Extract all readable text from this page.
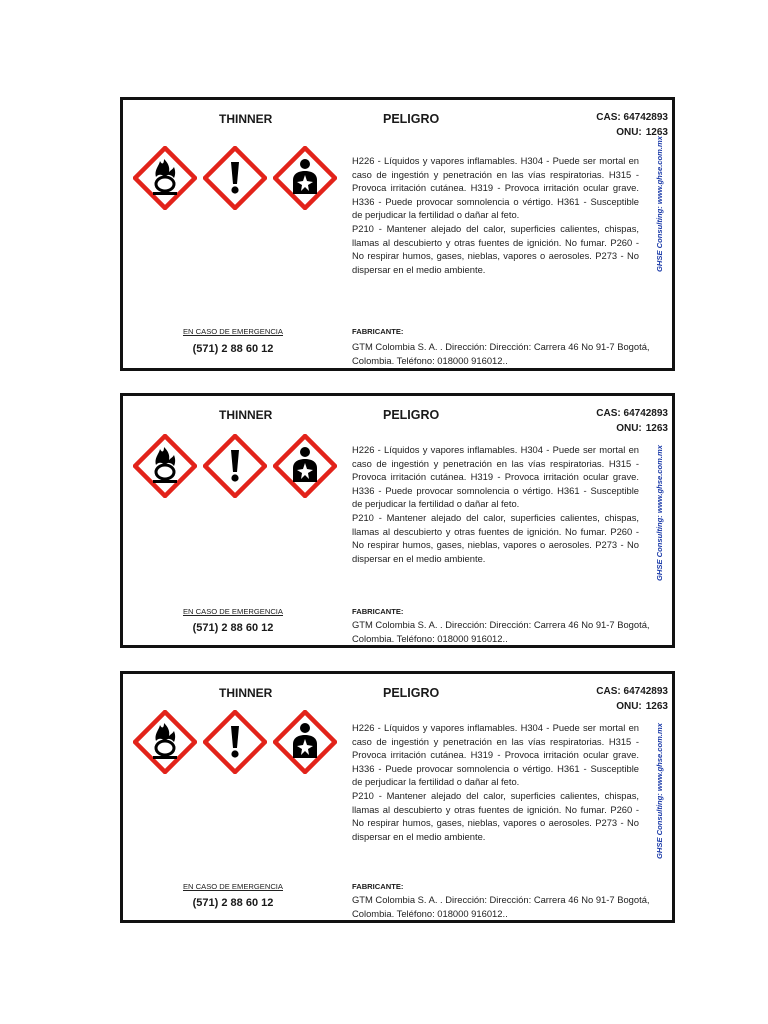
THINNER	PELIGRO	CAS: 64742893
ONU: 1263

H226 - Líquidos y vapores inflamables. H304 - Puede ser mortal en caso de ingestión y penetración en las vías respiratorias. H315 - Provoca irritación cutánea. H319 - Provoca irritación ocular grave. H336 - Puede provocar somnolencia o vértigo. H361 - Susceptible de perjudicar la fertilidad o dañar al feto.

P210 - Mantener alejado del calor, superficies calientes, chispas, llamas al descubierto y otras fuentes de ignición. No fumar. P260 - No respirar humos, gases, nieblas, vapores o aerosoles. P273 - No dispersar en el medio ambiente.	GHSE Consulting: www.ghse.com.mx
EN CASO DE EMERGENCIA
(571) 2 88 60 12
FABRICANTE:
GTM Colombia S. A. . Dirección: Dirección: Carrera 46 No 91-7 Bogotá, Colombia. Teléfono: 018000 916012..
THINNER	PELIGRO	CAS: 64742893
ONU: 1263

H226 - Líquidos y vapores inflamables. H304 - Puede ser mortal en caso de ingestión y penetración en las vías respiratorias. H315 - Provoca irritación cutánea. H319 - Provoca irritación ocular grave. H336 - Puede provocar somnolencia o vértigo. H361 - Susceptible de perjudicar la fertilidad o dañar al feto.

P210 - Mantener alejado del calor, superficies calientes, chispas, llamas al descubierto y otras fuentes de ignición. No fumar. P260 - No respirar humos, gases, nieblas, vapores o aerosoles. P273 - No dispersar en el medio ambiente.	GHSE Consulting: www.ghse.com.mx
EN CASO DE EMERGENCIA
(571) 2 88 60 12
FABRICANTE:
GTM Colombia S. A. . Dirección: Dirección: Carrera 46 No 91-7 Bogotá, Colombia. Teléfono: 018000 916012..
THINNER	PELIGRO	CAS: 64742893
ONU: 1263

H226 - Líquidos y vapores inflamables. H304 - Puede ser mortal en caso de ingestión y penetración en las vías respiratorias. H315 - Provoca irritación cutánea. H319 - Provoca irritación ocular grave. H336 - Puede provocar somnolencia o vértigo. H361 - Susceptible de perjudicar la fertilidad o dañar al feto.

P210 - Mantener alejado del calor, superficies calientes, chispas, llamas al descubierto y otras fuentes de ignición. No fumar. P260 - No respirar humos, gases, nieblas, vapores o aerosoles. P273 - No dispersar en el medio ambiente.	GHSE Consulting: www.ghse.com.mx
EN CASO DE EMERGENCIA
(571) 2 88 60 12
FABRICANTE:
GTM Colombia S. A. . Dirección: Dirección: Carrera 46 No 91-7 Bogotá, Colombia. Teléfono: 018000 916012..
